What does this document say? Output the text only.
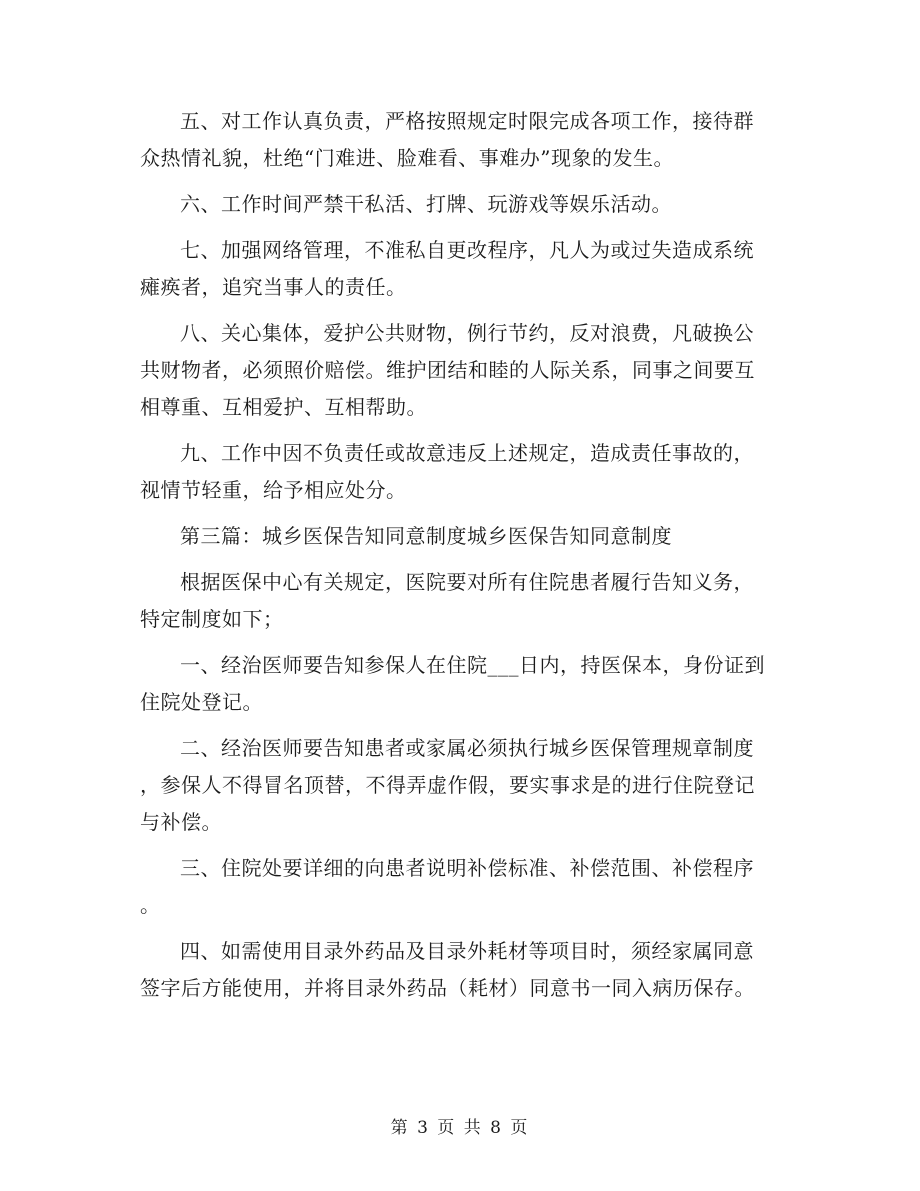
五、对工作认真负责，严格按照规定时限完成各项工作，接待群
众热情礼貌，杜绝“门难进、脸难看、事难办”现象的发生。

六、工作时间严禁干私活、打牌、玩游戏等娱乐活动。

七、加强网络管理，不准私自更改程序，凡人为或过失造成系统
瘫痪者，追究当事人的责任。

八、关心集体，爱护公共财物，例行节约，反对浪费，凡破换公
共财物者，必须照价赔偿。维护团结和睦的人际关系，同事之间要互
相尊重、互相爱护、互相帮助。

九、工作中因不负责任或故意违反上述规定，造成责任事故的，
视情节轻重，给予相应处分。

第三篇：城乡医保告知同意制度城乡医保告知同意制度

根据医保中心有关规定，医院要对所有住院患者履行告知义务，
特定制度如下；

一、经治医师要告知参保人在住院___日内，持医保本，身份证到
住院处登记。

二、经治医师要告知患者或家属必须执行城乡医保管理规章制度
，参保人不得冒名顶替，不得弄虚作假，要实事求是的进行住院登记
与补偿。

三、住院处要详细的向患者说明补偿标准、补偿范围、补偿程序
。

四、如需使用目录外药品及目录外耗材等项目时，须经家属同意
签字后方能使用，并将目录外药品（耗材）同意书一同入病历保存。

第 3 页 共 8 页
